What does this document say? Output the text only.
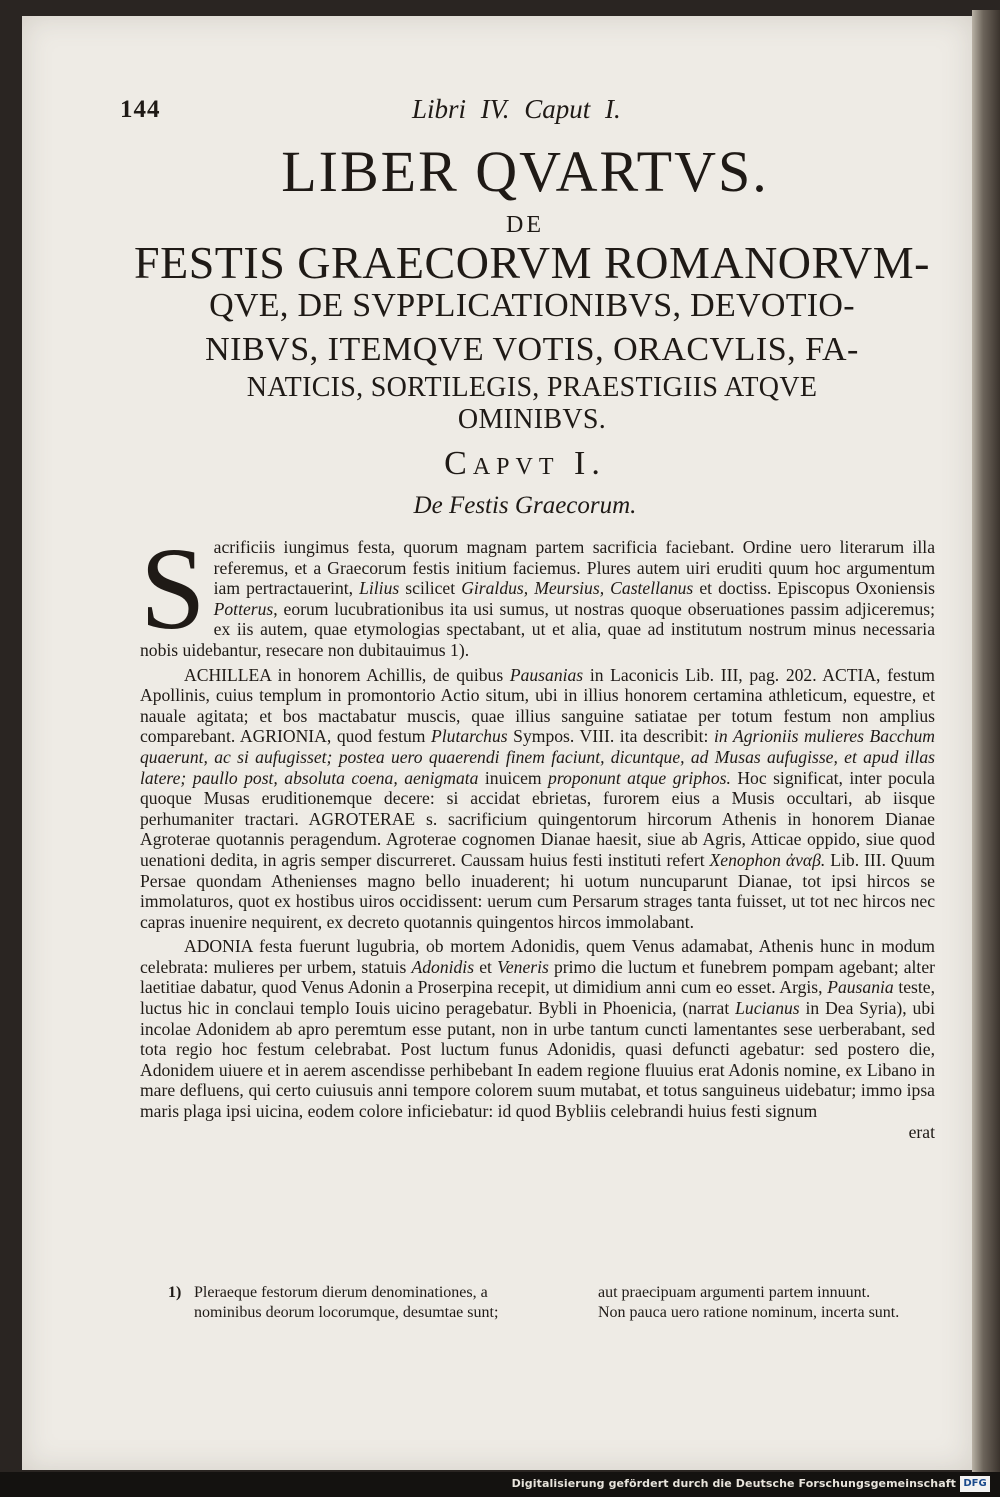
144	Libri IV. Caput I.
LIBER QVARTVS.
DE
FESTIS GRAECORVM ROMANORVM-
QVE, DE SVPPLICATIONIBVS, DEVOTIO-
NIBVS, ITEMQVE VOTIS, ORACVLIS, FA-
NATICIS, SORTILEGIS, PRAESTIGIIS ATQVE
OMINIBVS.
Capvt I.
De Festis Graecorum.

Sacrificiis iungimus festa, quorum magnam partem sacrificia faciebant. Ordine uero literarum illa referemus, et a Graecorum festis initium faciemus. Plures autem uiri eruditi quum hoc argumentum iam pertractauerint, Lilius scilicet Giraldus, Meursius, Castellanus et doctiss. Episcopus Oxoniensis Potterus, eorum lucubrationibus ita usi sumus, ut nostras quoque obseruationes passim adjiceremus; ex iis autem, quae etymologias spectabant, ut et alia, quae ad institutum nostrum minus necessaria nobis uidebantur, resecare non dubitauimus 1).

ACHILLEA in honorem Achillis, de quibus Pausanias in Laconicis Lib. III, pag. 202. ACTIA, festum Apollinis, cuius templum in promontorio Actio situm, ubi in illius honorem certamina athleticum, equestre, et nauale agitata; et bos mactabatur muscis, quae illius sanguine satiatae per totum festum non amplius comparebant. AGRIONIA, quod festum Plutarchus Sympos. VIII. ita describit: in Agrioniis mulieres Bacchum quaerunt, ac si aufugisset; postea uero quaerendi finem faciunt, dicuntque, ad Musas aufugisse, et apud illas latere; paullo post, absoluta coena, aenigmata inuicem proponunt atque griphos. Hoc significat, inter pocula quoque Musas eruditionemque decere: si accidat ebrietas, furorem eius a Musis occultari, ab iisque perhumaniter tractari. AGROTERAE s. sacrificium quingentorum hircorum Athenis in honorem Dianae Agroterae quotannis peragendum. Agroterae cognomen Dianae haesit, siue ab Agris, Atticae oppido, siue quod uenationi dedita, in agris semper discurreret. Caussam huius festi instituti refert Xenophon ἀναβ. Lib. III. Quum Persae quondam Athenienses magno bello inuaderent; hi uotum nuncuparunt Dianae, tot ipsi hircos se immolaturos, quot ex hostibus uiros occidissent: uerum cum Persarum strages tanta fuisset, ut tot nec hircos nec capras inuenire nequirent, ex decreto quotannis quingentos hircos immolabant.

ADONIA festa fuerunt lugubria, ob mortem Adonidis, quem Venus adamabat, Athenis hunc in modum celebrata: mulieres per urbem, statuis Adonidis et Veneris primo die luctum et funebrem pompam agebant; alter laetitiae dabatur, quod Venus Adonin a Proserpina recepit, ut dimidium anni cum eo esset. Argis, Pausania teste, luctus hic in conclaui templo Iouis uicino peragebatur. Bybli in Phoenicia, (narrat Lucianus in Dea Syria), ubi incolae Adonidem ab apro peremtum esse putant, non in urbe tantum cuncti lamentantes sese uerberabant, sed tota regio hoc festum celebrabat. Post luctum funus Adonidis, quasi defuncti agebatur: sed postero die, Adonidem uiuere et in aerem ascendisse perhibebant In eadem regione fluuius erat Adonis nomine, ex Libano in mare defluens, qui certo cuiusuis anni tempore colorem suum mutabat, et totus sanguineus uidebatur; immo ipsa maris plaga ipsi uicina, eodem colore inficiebatur: id quod Bybliis celebrandi huius festi signum

erat

1) Pleraeque festorum dierum denominationes, a
nominibus deorum locorumque, desumtae sunt;
aut praecipuam argumenti partem innuunt.
Non pauca uero ratione nominum, incerta sunt.
Digitalisierung gefördert durch die Deutsche Forschungsgemeinschaft DFG
